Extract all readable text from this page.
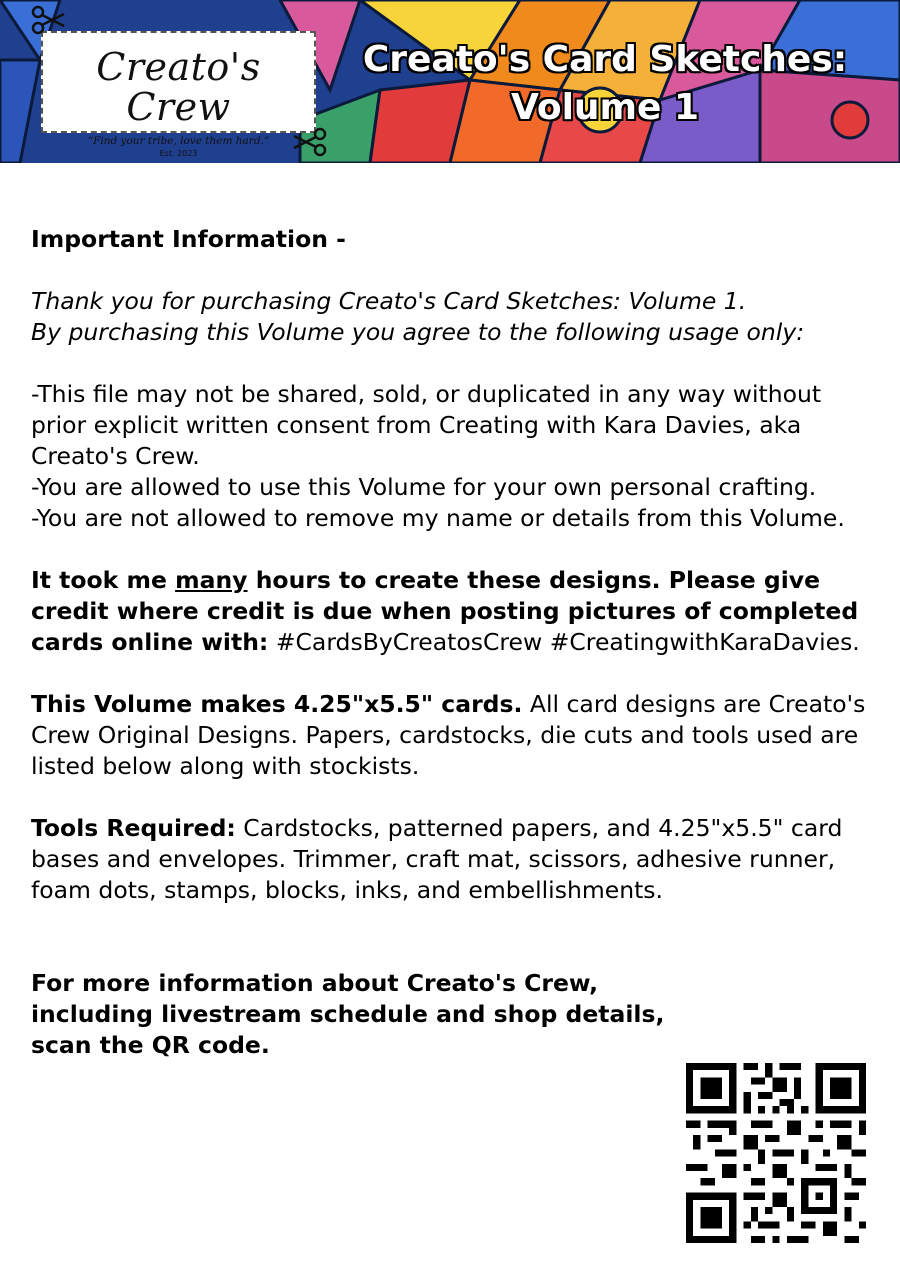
Creato's Crew
“Find your tribe, love them hard.”
Est. 2023
Creato's Card Sketches:
Volume 1

Important Information -

Thank you for purchasing Creato's Card Sketches: Volume 1.

By purchasing this Volume you agree to the following usage only:

-This file may not be shared, sold, or duplicated in any way without prior explicit written consent from Creating with Kara Davies, aka Creato's Crew.

-You are allowed to use this Volume for your own personal crafting.

-You are not allowed to remove my name or details from this Volume.

It took me many hours to create these designs. Please give credit where credit is due when posting pictures of completed cards online with: #CardsByCreatosCrew #CreatingwithKaraDavies.

This Volume makes 4.25"x5.5" cards. All card designs are Creato's Crew Original Designs. Papers, cardstocks, die cuts and tools used are listed below along with stockists.

Tools Required: Cardstocks, patterned papers, and 4.25"x5.5" card bases and envelopes. Trimmer, craft mat, scissors, adhesive runner, foam dots, stamps, blocks, inks, and embellishments.

For more information about Creato's Crew,

including livestream schedule and shop details,

scan the QR code.
